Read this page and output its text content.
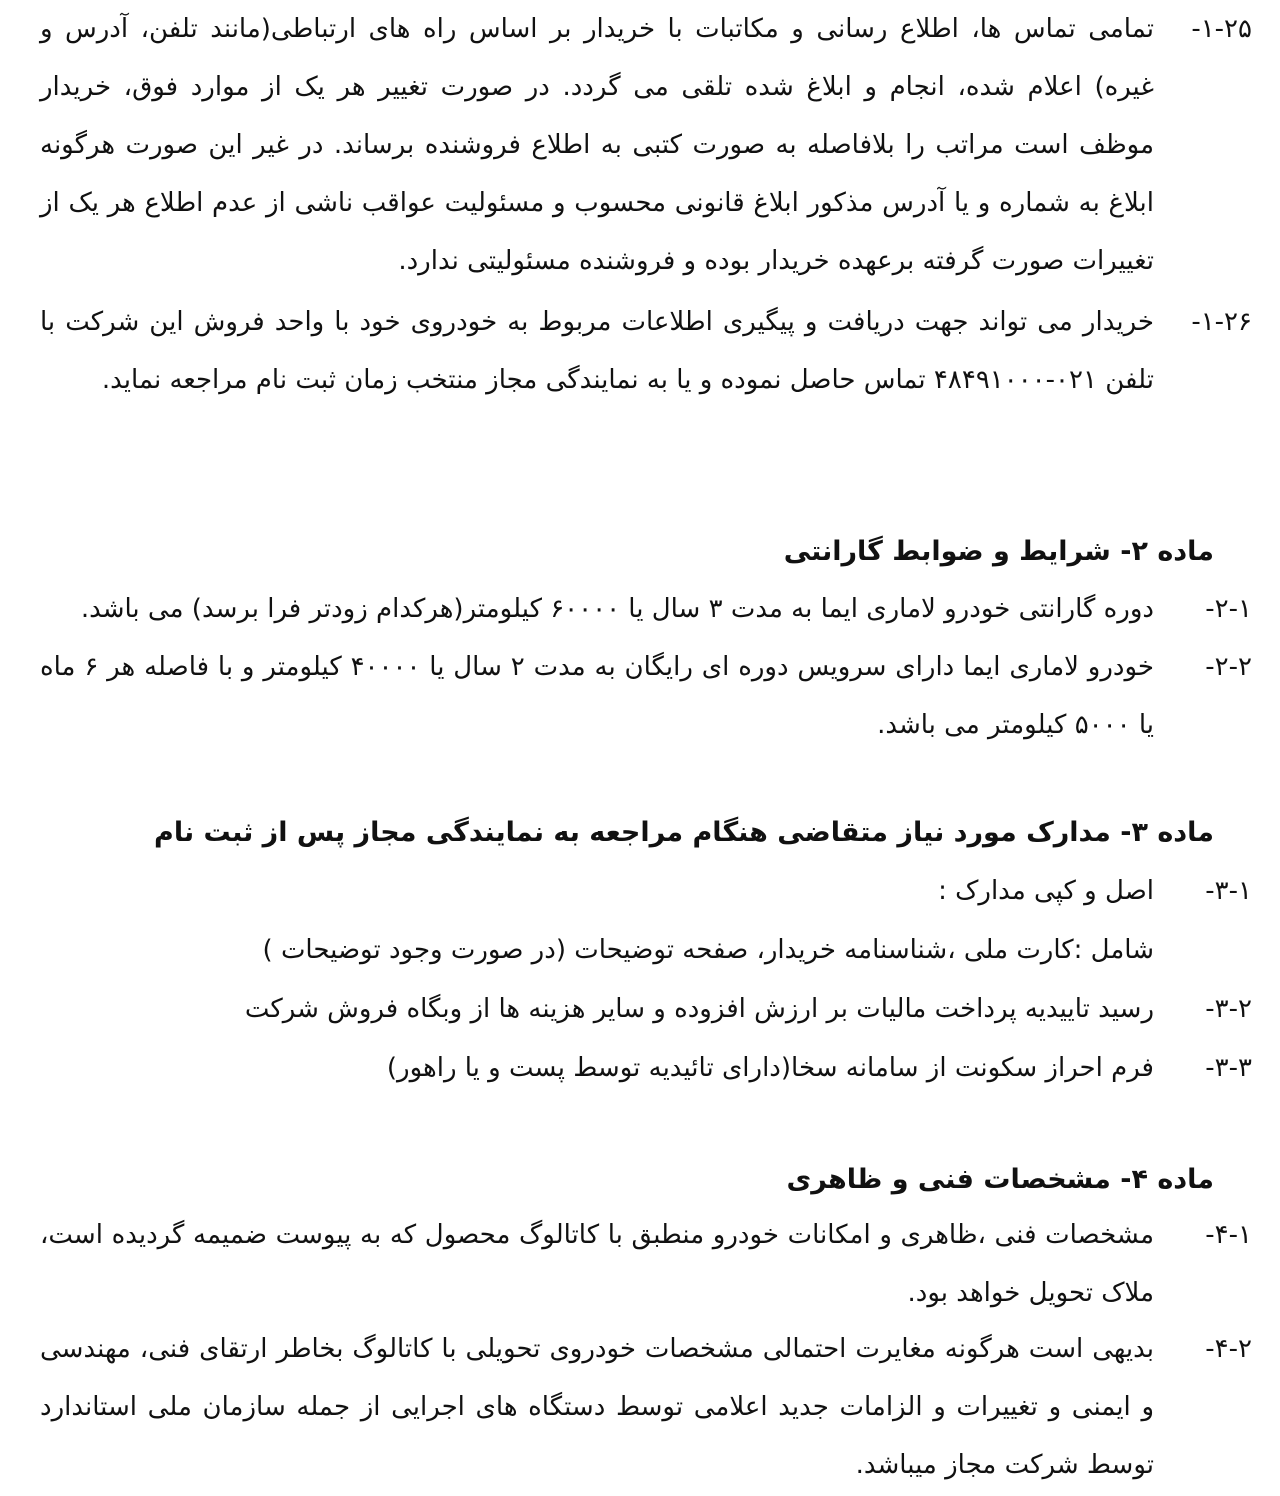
-۱-۲۵
تمامی تماس ها، اطلاع رسانی و مکاتبات با خریدار بر اساس راه های ارتباطی(مانند تلفن، آدرس و غیره) اعلام شده، انجام و ابلاغ شده تلقی می گردد. در صورت تغییر هر یک از موارد فوق، خریدار موظف است مراتب را بلافاصله به صورت کتبی به اطلاع فروشنده برساند. در غیر این صورت هرگونه ابلاغ به شماره و یا آدرس مذکور ابلاغ قانونی محسوب و مسئولیت عواقب ناشی از عدم اطلاع هر یک از تغییرات صورت گرفته برعهده خریدار بوده و فروشنده مسئولیتی ندارد.
-۱-۲۶
خریدار می تواند جهت دریافت و پیگیری اطلاعات مربوط به خودروی خود با واحد فروش این شرکت با تلفن ۰۲۱-۴۸۴۹۱۰۰۰ تماس حاصل نموده و یا به نمایندگی مجاز منتخب زمان ثبت نام مراجعه نماید.
ماده ۲- شرایط و ضوابط گارانتی
-۲-۱
دوره گارانتی خودرو لاماری ایما به مدت ۳ سال یا ۶۰۰۰۰ کیلومتر(هرکدام زودتر فرا برسد) می باشد.
-۲-۲
خودرو لاماری ایما دارای سرویس دوره ای رایگان به مدت ۲ سال یا ۴۰۰۰۰ کیلومتر و با فاصله هر ۶ ماه یا ۵۰۰۰ کیلومتر می باشد.
ماده ۳- مدارک مورد نیاز متقاضی هنگام مراجعه به نمایندگی مجاز پس از ثبت نام
-۳-۱
اصل و کپی مدارک :
شامل :کارت ملی ،شناسنامه خریدار، صفحه توضیحات (در صورت وجود توضیحات )
-۳-۲
رسید تاییدیه پرداخت مالیات بر ارزش افزوده و سایر هزینه ها از وبگاه فروش شرکت
-۳-۳
فرم احراز سکونت از سامانه سخا(دارای تائیدیه توسط پست و یا راهور)
ماده ۴- مشخصات فنی و ظاهری
-۴-۱
مشخصات فنی ،ظاهری و امکانات خودرو منطبق با کاتالوگ محصول که به پیوست ضمیمه گردیده است، ملاک تحویل خواهد بود.
-۴-۲
بدیهی است هرگونه مغایرت احتمالی مشخصات خودروی تحویلی با کاتالوگ بخاطر ارتقای فنی، مهندسی و ایمنی و تغییرات و الزامات جدید اعلامی توسط دستگاه های اجرایی از جمله سازمان ملی استاندارد توسط شرکت مجاز میباشد.
